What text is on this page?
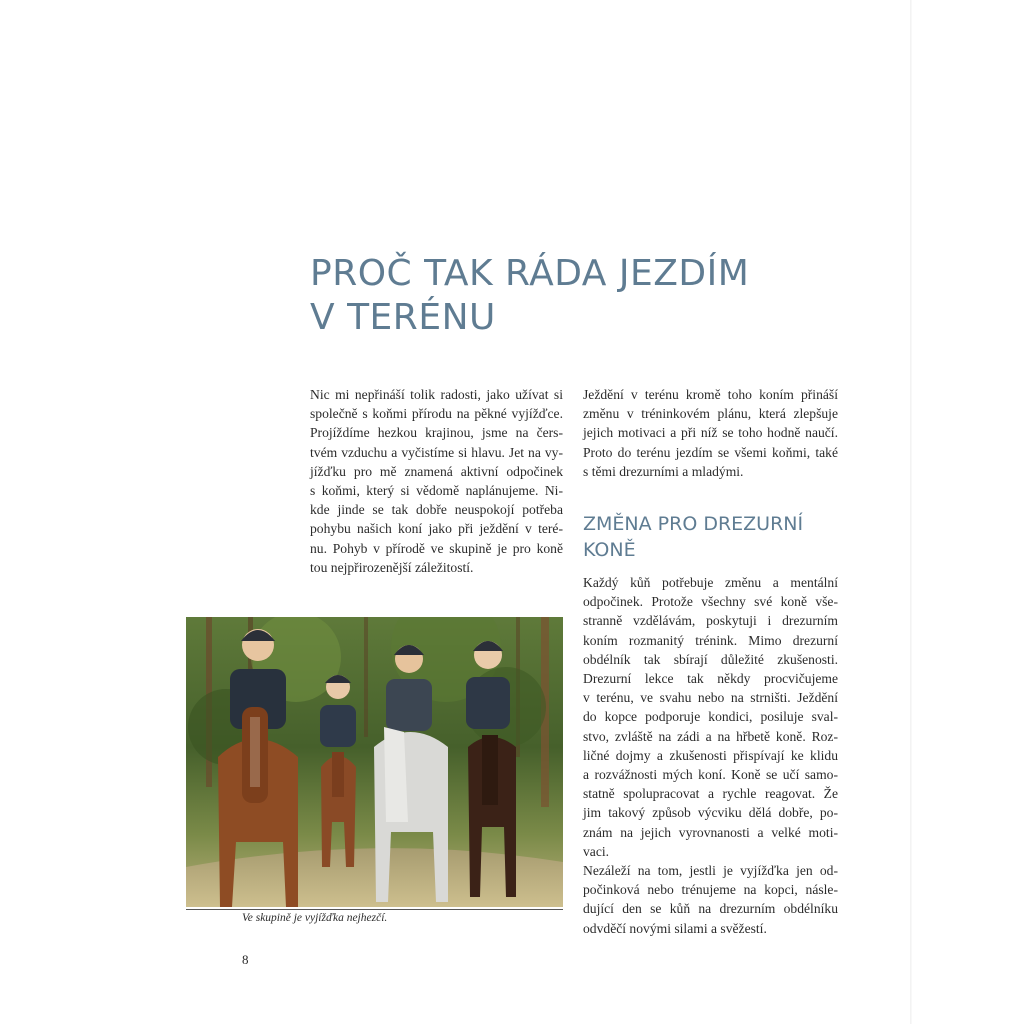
PROČ TAK RÁDA JEZDÍM
V TERÉNU
Nic mi nepřináší tolik radosti, jako užívat si
společně s koňmi přírodu na pěkné vyjížďce.
Projíždíme hezkou krajinou, jsme na čers-
tvém vzduchu a vyčistíme si hlavu. Jet na vy-
jížďku pro mě znamená aktivní odpočinek
s koňmi, který si vědomě naplánujeme. Ni-
kde jinde se tak dobře neuspokojí potřeba
pohybu našich koní jako při ježdění v teré-
nu. Pohyb v přírodě ve skupině je pro koně
tou nejpřirozenější záležitostí.
Ježdění v terénu kromě toho koním přináší
změnu v tréninkovém plánu, která zlepšuje
jejich motivaci a při níž se toho hodně naučí.
Proto do terénu jezdím se všemi koňmi, také
s těmi drezurními a mladými.
ZMĚNA PRO DREZURNÍ
KONĚ
Každý kůň potřebuje změnu a mentální
odpočinek. Protože všechny své koně vše-
stranně vzdělávám, poskytuji i drezurním
koním rozmanitý trénink. Mimo drezurní
obdélník tak sbírají důležité zkušenosti.
Drezurní lekce tak někdy procvičujeme
v terénu, ve svahu nebo na strništi. Ježdění
do kopce podporuje kondici, posiluje sval-
stvo, zvláště na zádi a na hřbetě koně. Roz-
ličné dojmy a zkušenosti přispívají ke klidu
a rozvážnosti mých koní. Koně se učí samo-
statně spolupracovat a rychle reagovat. Že
jim takový způsob výcviku dělá dobře, po-
znám na jejich vyrovnanosti a velké moti-
vaci.
Nezáleží na tom, jestli je vyjížďka jen od-
počinková nebo trénujeme na kopci, násle-
dující den se kůň na drezurním obdélníku
odvděčí novými silami a svěžestí.
Ve skupině je vyjížďka nejhezčí.
8
